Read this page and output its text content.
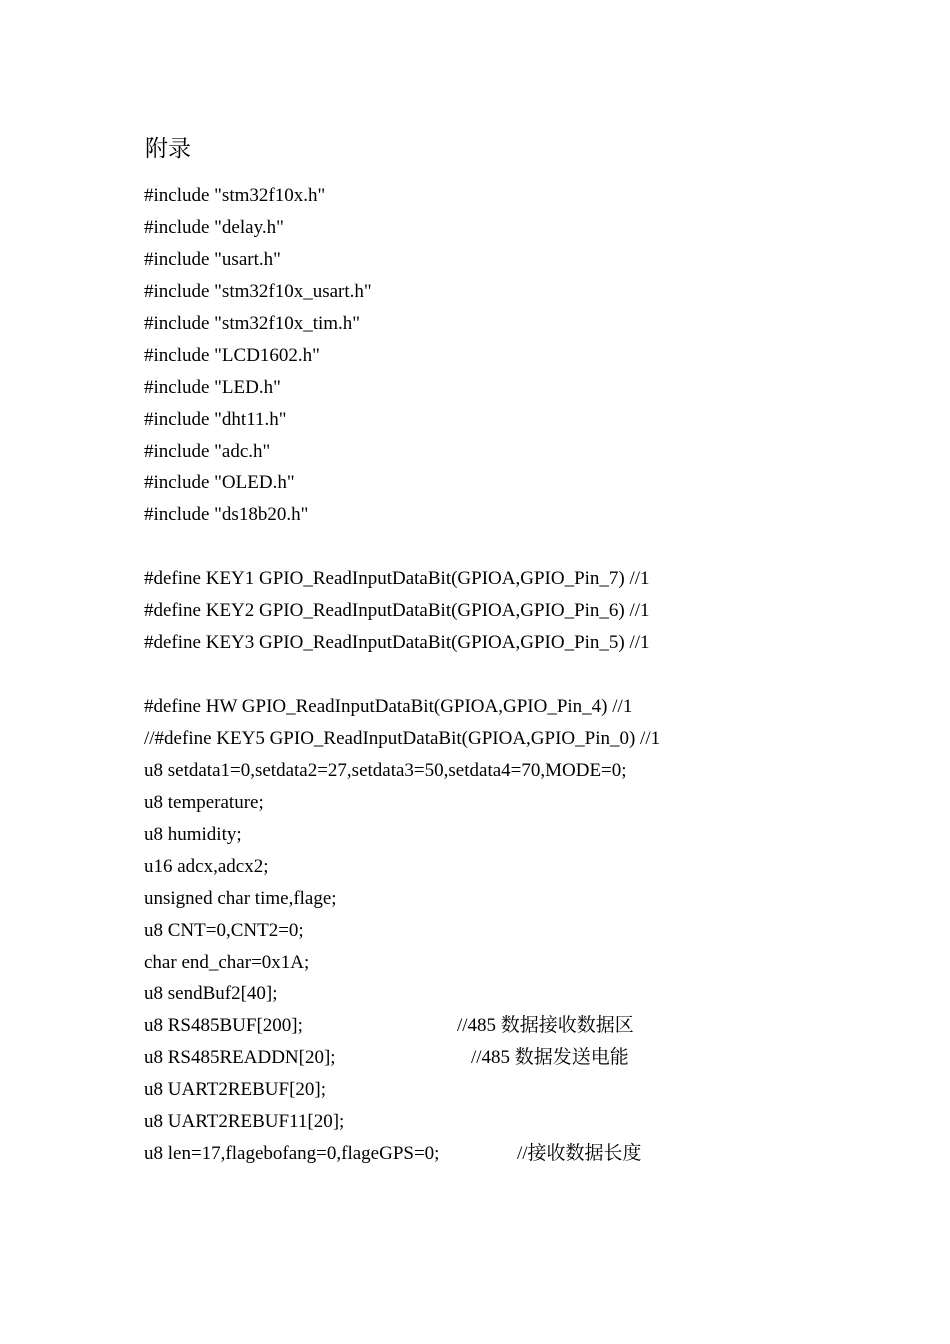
附录
#include "stm32f10x.h"
#include "delay.h"
#include "usart.h"
#include "stm32f10x_usart.h"
#include "stm32f10x_tim.h"
#include "LCD1602.h"
#include "LED.h"
#include "dht11.h"
#include "adc.h"
#include "OLED.h"
#include "ds18b20.h"
#define KEY1 GPIO_ReadInputDataBit(GPIOA,GPIO_Pin_7) //1
#define KEY2 GPIO_ReadInputDataBit(GPIOA,GPIO_Pin_6) //1
#define KEY3 GPIO_ReadInputDataBit(GPIOA,GPIO_Pin_5) //1
#define HW GPIO_ReadInputDataBit(GPIOA,GPIO_Pin_4) //1
//#define KEY5 GPIO_ReadInputDataBit(GPIOA,GPIO_Pin_0) //1
u8 setdata1=0,setdata2=27,setdata3=50,setdata4=70,MODE=0;
u8 temperature;
u8 humidity;
u16 adcx,adcx2;
unsigned char time,flage;
u8 CNT=0,CNT2=0;
char end_char=0x1A;
u8 sendBuf2[40];
u8 RS485BUF[200];	//485 数据接收数据区
u8 RS485READDN[20];	//485 数据发送电能
u8 UART2REBUF[20];
u8 UART2REBUF11[20];
u8 len=17,flagebofang=0,flageGPS=0;	//接收数据长度
